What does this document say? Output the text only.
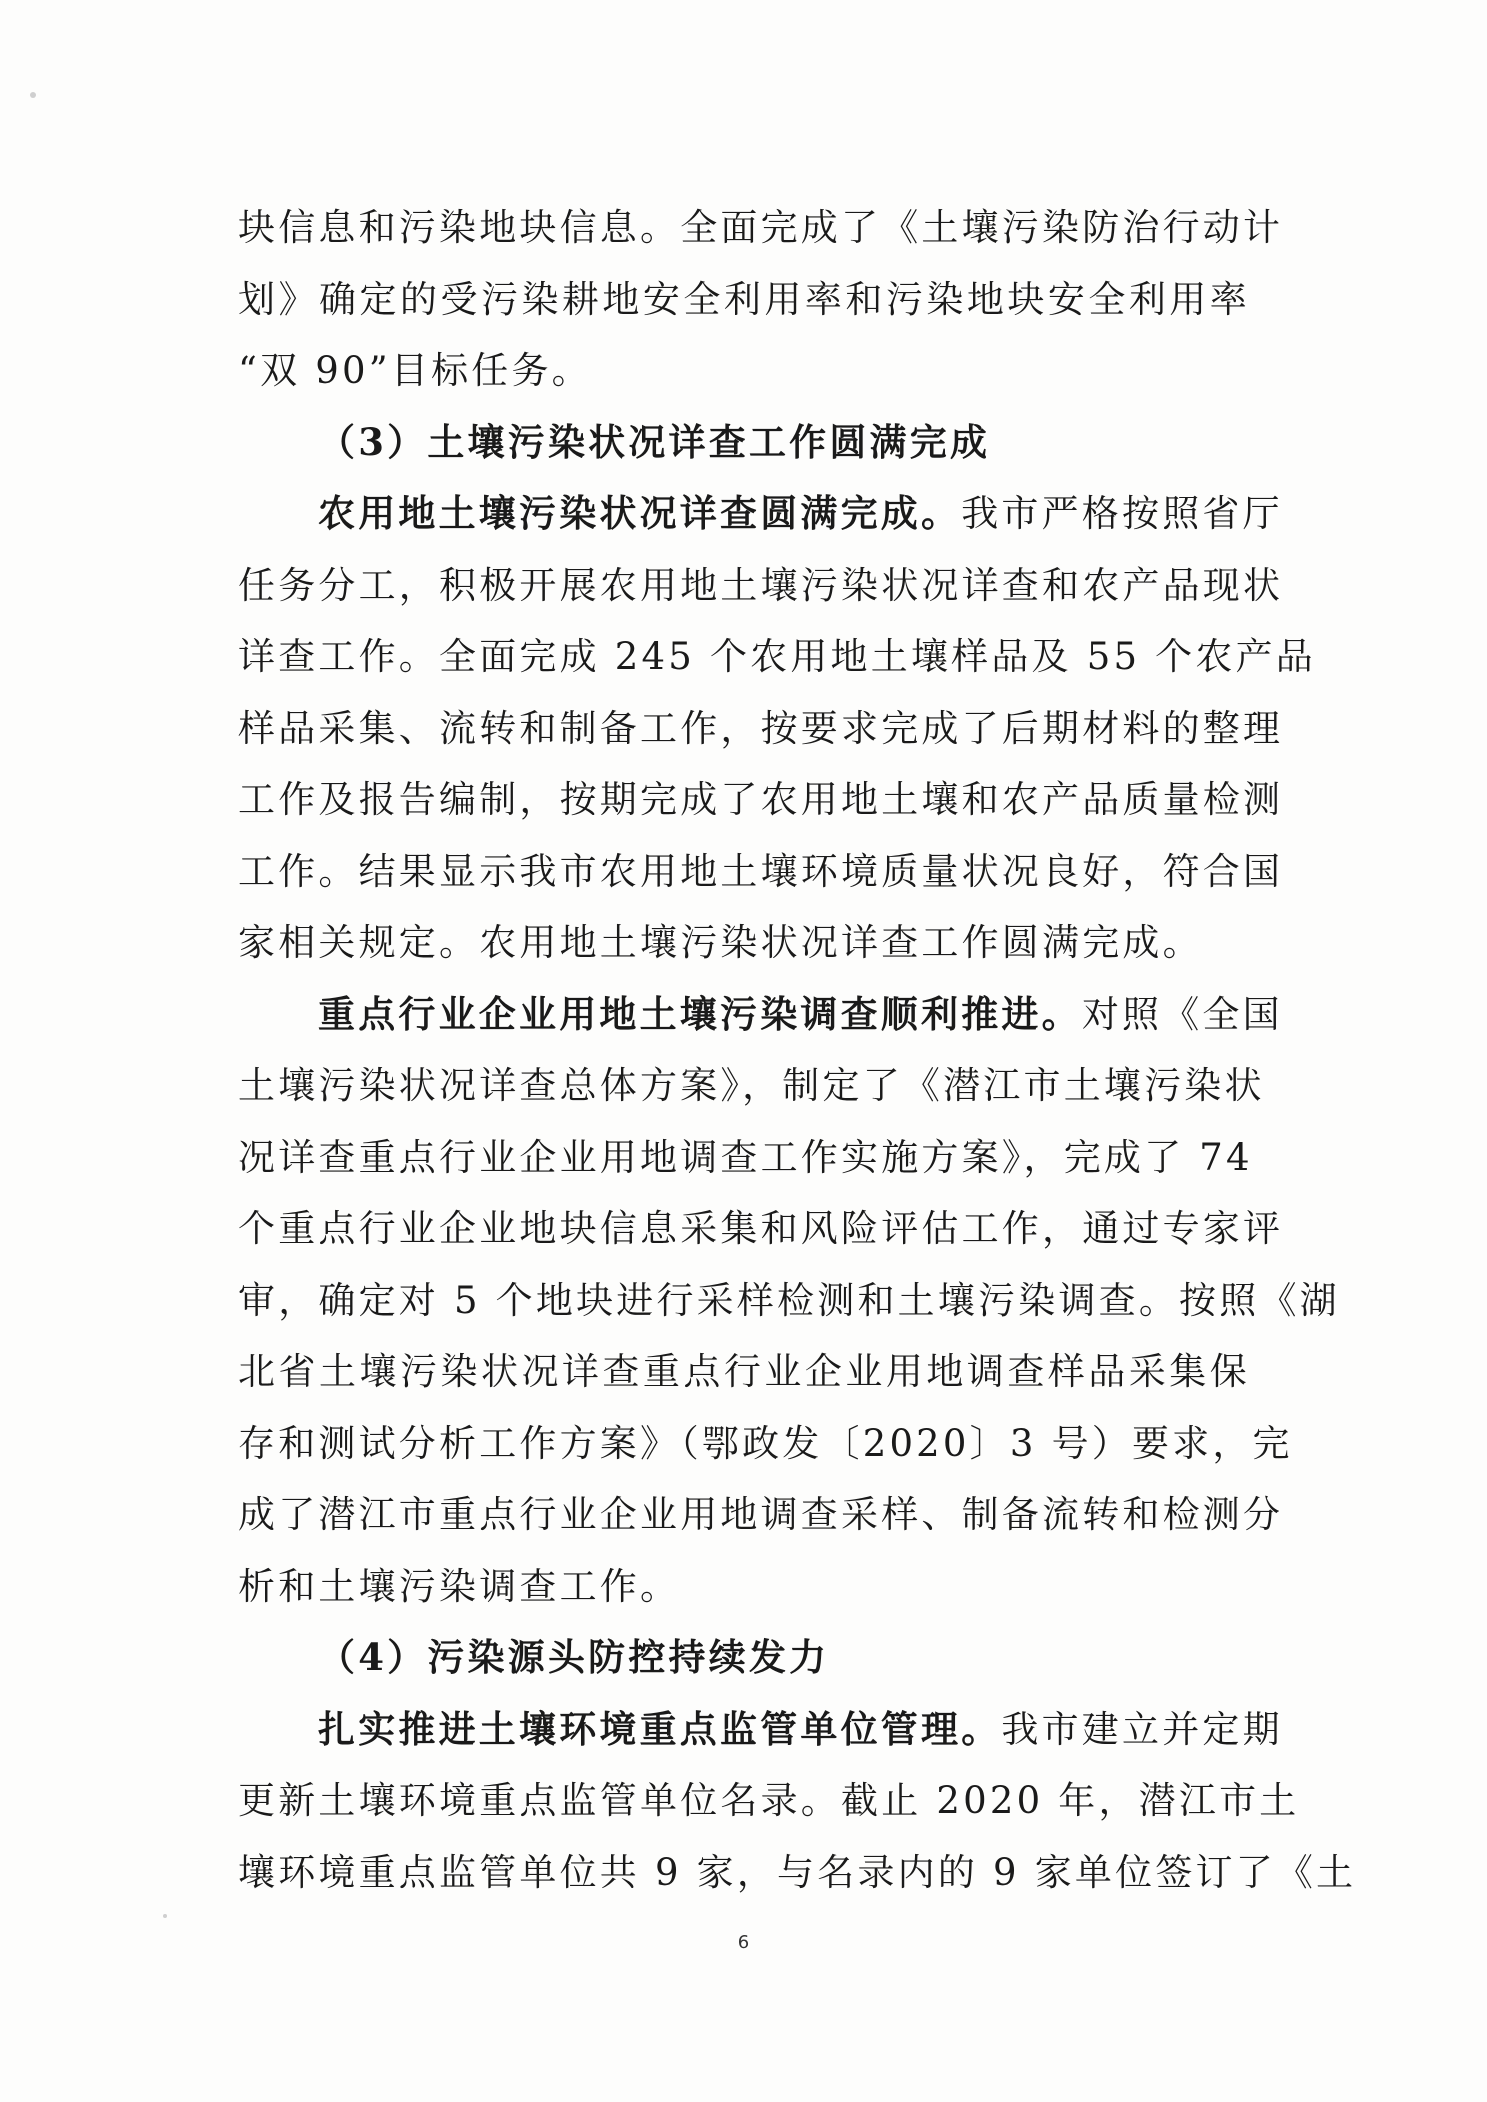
块信息和污染地块信息。全面完成了《土壤污染防治行动计
划》确定的受污染耕地安全利用率和污染地块安全利用率
“双 90”目标任务。
（3）土壤污染状况详查工作圆满完成
农用地土壤污染状况详查圆满完成。我市严格按照省厅
任务分工，积极开展农用地土壤污染状况详查和农产品现状
详查工作。全面完成 245 个农用地土壤样品及 55 个农产品
样品采集、流转和制备工作，按要求完成了后期材料的整理
工作及报告编制，按期完成了农用地土壤和农产品质量检测
工作。结果显示我市农用地土壤环境质量状况良好，符合国
家相关规定。农用地土壤污染状况详查工作圆满完成。
重点行业企业用地土壤污染调查顺利推进。对照《全国
土壤污染状况详查总体方案》，制定了《潜江市土壤污染状
况详查重点行业企业用地调查工作实施方案》，完成了 74
个重点行业企业地块信息采集和风险评估工作，通过专家评
审，确定对 5 个地块进行采样检测和土壤污染调查。按照《湖
北省土壤污染状况详查重点行业企业用地调查样品采集保
存和测试分析工作方案》（鄂政发〔2020〕3 号）要求，完
成了潜江市重点行业企业用地调查采样、制备流转和检测分
析和土壤污染调查工作。
（4）污染源头防控持续发力
扎实推进土壤环境重点监管单位管理。我市建立并定期
更新土壤环境重点监管单位名录。截止 2020 年，潜江市土
壤环境重点监管单位共 9 家，与名录内的 9 家单位签订了《土
6
